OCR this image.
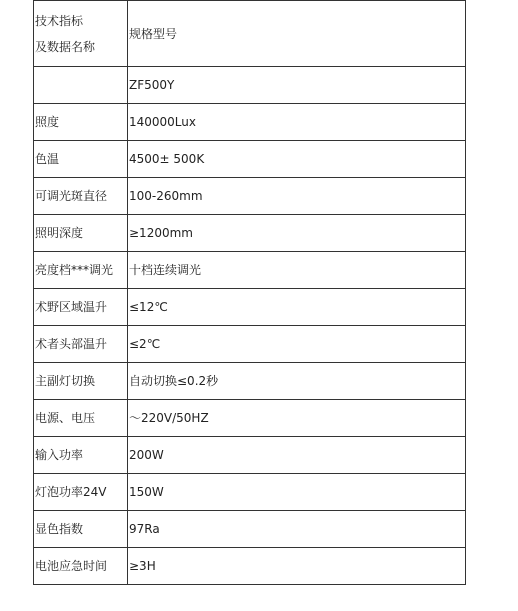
技术指标
及数据名称	规格型号
	ZF500Y
照度	140000Lux
色温	4500± 500K
可调光斑直径	100-260mm
照明深度	≥1200mm
亮度档***调光	十档连续调光
术野区域温升	≤12℃
术者头部温升	≤2℃
主副灯切换	自动切换≤0.2秒
电源、电压	～220V/50HZ
输入功率	200W
灯泡功率24V	150W
显色指数	97Ra
电池应急时间	≥3H
